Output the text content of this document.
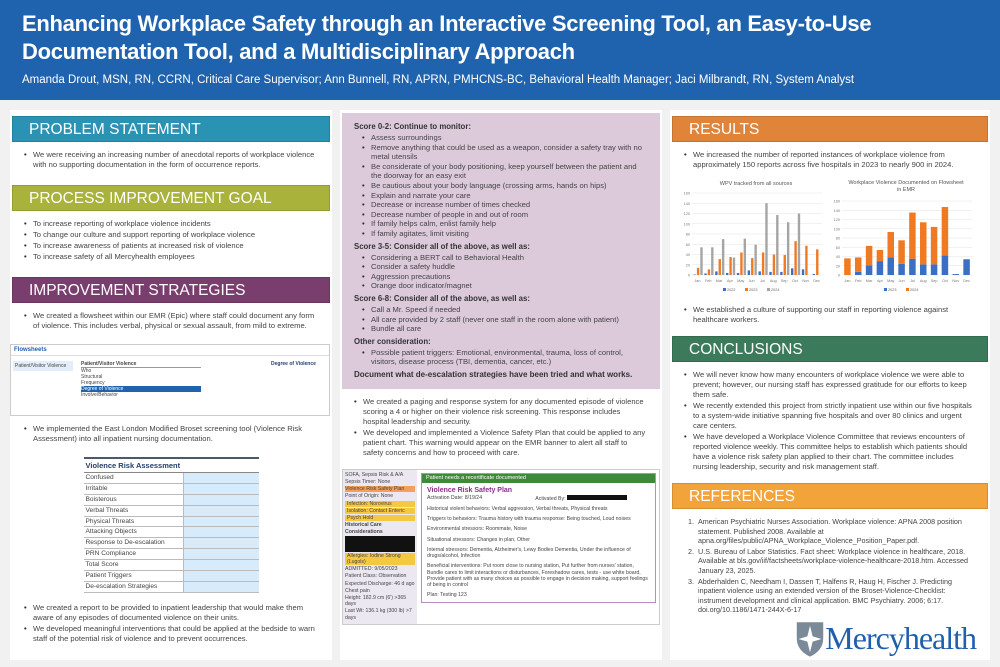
Enhancing Workplace Safety through an Interactive Screening Tool, an Easy-to-Use Documentation Tool, and a Multidisciplinary Approach
Amanda Drout, MSN, RN, CCRN, Critical Care Supervisor; Ann Bunnell, RN, APRN, PMHCNS-BC, Behavioral Health Manager; Jaci Milbrandt, RN, System Analyst
PROBLEM STATEMENT
• We were receiving an increasing number of anecdotal reports of workplace violence with no supporting documentation in the form of occurrence reports.
PROCESS IMPROVEMENT GOAL
• To increase reporting of workplace violence incidents
• To change our culture and support reporting of workplace violence
• To increase awareness of patients at increased risk of violence
• To increase safety of all Mercyhealth employees
IMPROVEMENT STRATEGIES
• We created a flowsheet within our EMR (Epic) where staff could document any form of violence. This includes verbal, physical or sexual assault, from mild to extreme.
Flowsheets
Patient/Visitor Violence	Patient/Visitor Violence
Who
Structural
Frequency
Degree of Violence
Involve/Behavior
Degree of Violence
• We implemented the East London Modified Broset screening tool (Violence Risk Assessment) into all inpatient nursing documentation.
Violence Risk Assessment
Confused
Irritable
Boisterous
Verbal Threats
Physical Threats
Attacking Objects
Response to De-escalation
PRN Compliance
Total Score
Patient Triggers
De-escalation Strategies
• We created a report to be provided to inpatient leadership that would make them aware of any episodes of documented violence on their units.
• We developed meaningful interventions that could be applied at the bedside to warn staff of the potential risk of violence and to prevent occurrences.
Score 0-2: Continue to monitor:
• Assess surroundings
• Remove anything that could be used as a weapon, consider a safety tray with no metal utensils
• Be considerate of your body positioning, keep yourself between the patient and the doorway for an easy exit
• Be cautious about your body language (crossing arms, hands on hips)
• Explain and narrate your care
• Decrease or increase number of times checked
• Decrease number of people in and out of room
• If family helps calm, enlist family help
• If family agitates, limit visiting
Score 3-5: Consider all of the above, as well as:
• Considering a BERT call to Behavioral Health
• Consider a safety huddle
• Aggression precautions
• Orange door indicator/magnet
Score 6-8: Consider all of the above, as well as:
• Call a Mr. Speed if needed
• All care provided by 2 staff (never one staff in the room alone with patient)
• Bundle all care
Other consideration:
• Possible patient triggers: Emotional, environmental, trauma, loss of control, visitors, disease process (TBI, dementia, cancer, etc.)
Document what de-escalation strategies have been tried and what works.
• We created a paging and response system for any documented episode of violence scoring a 4 or higher on their violence risk screening. This response includes hospital leadership and security.
• We developed and implemented a Violence Safety Plan that could be applied to any patient chart. This warning would appear on the EMR banner to alert all staff to safety concerns and how to proceed with care.
SOFA, Sepsis Risk & A/A
Sepsis Timer: None
Violence Risk Safety Plan
Point of Origin: None
Infection: Norovirus
Isolation: Contact Enteric
Psych Hold
Historical Care Considerations
Allergies: Iodine Strong (Lugols)
ADMITTED: 9/05/2023
Patient Class: Observation
Expected Discharge: 46 d ago
Chest pain
Height: 182.9 cm (6') >365 days
Last Wt: 136.1 kg (300 lb) >7 days
Patient needs a recertificate documented
Violence Risk Safety Plan
Activation Date: 8/19/24	Activated By:

Historical violent behaviors: Verbal aggression, Verbal threats, Physical threats

Triggers to behaviors: Trauma history with trauma response: Being touched, Loud noises

Environmental stressors: Roommate, Noise

Situational stressors: Changes in plan, Other

Internal stressors: Dementia, Alzheimer's, Lewy Bodies Dementia, Under the influence of drugs/alcohol, Infection

Beneficial interventions: Put room close to nursing station, Put further from nurses' station, Bundle cares to limit interactions or disturbances, Foreshadow cares, tests - use white board, Provide patient with as many choices as possible to engage in decision making, support feelings of being in control

Plan: Testing 123

RESULTS
• We increased the number of reported instances of workplace violence from approximately 150 reports across five hospitals in 2023 to nearly 900 in 2024.
WPV tracked from all sources
0
20
40
60
80
100
120
140
160
Jan Feb Mar Apr May Jun Jul Aug Sep Oct Nov Dec
2022	2023	2024
Workplace Violence Documented on Flowsheet
in EMR
0
20
40
60
80
100
120
140
160
Jan Feb Mar Apr May Jun Jul Aug Sep Oct Nov Dec
2023	2024
• We established a culture of supporting our staff in reporting violence against healthcare workers.
CONCLUSIONS
• We will never know how many encounters of workplace violence we were able to prevent; however, our nursing staff has expressed gratitude for our efforts to keep them safe.
• We recently extended this project from strictly inpatient use within our five hospitals to a system-wide initiative spanning five hospitals and over 80 clinics and urgent care centers.
• We have developed a Workplace Violence Committee that reviews encounters of reported violence weekly. This committee helps to establish which patients should have a violence risk safety plan applied to their chart. The committee includes nursing leadership, security and risk management staff.
REFERENCES
1. American Psychiatric Nurses Association. Workplace violence: APNA 2008 position statement. Published 2008. Available at apna.org/files/public/APNA_Workplace_Violence_Position_Paper.pdf.
2. U.S. Bureau of Labor Statistics. Fact sheet: Workplace violence in healthcare, 2018. Available at bls.gov/iif/factsheets/workplace-violence-healthcare-2018.htm. Accessed January 23, 2025.
3. Abderhalden C, Needham I, Dassen T, Halfens R, Haug H, Fischer J. Predicting inpatient violence using an extended version of the Broset-Violence-Checklist: instrument development and clinical application. BMC Psychiatry. 2006; 6:17. doi.org/10.1186/1471-244X-6-17
Mercyhealth
